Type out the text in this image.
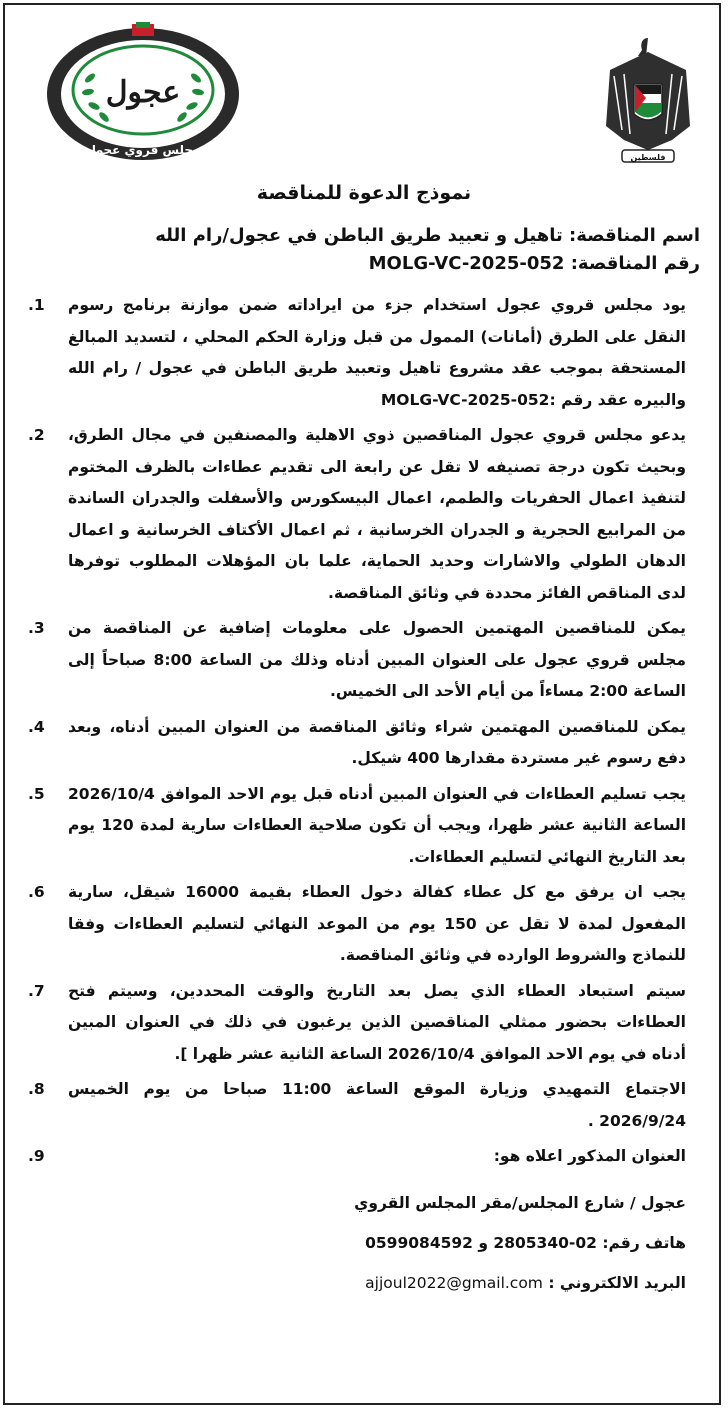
عجول
مجلس قروي عجول
فلسطين
نموذج الدعوة للمناقصة

اسم المناقصة: تاهيل و تعبيد طريق الباطن في عجول/رام الله

رقم المناقصة: MOLG-VC-2025-052

يود مجلس قروي عجول استخدام جزء من ايراداته ضمن موازنة برنامج رسوم النقل على الطرق (أمانات) الممول من قبل وزارة الحكم المحلي ، لتسديد المبالغ المستحقة بموجب عقد مشروع تاهيل وتعبيد طريق الباطن في عجول / رام الله والبيره عقد رقم :MOLG-VC-2025-052
.1
يدعو مجلس قروي عجول المناقصين ذوي الاهلية والمصنفين في مجال الطرق، وبحيث تكون درجة تصنيفه لا تقل عن رابعة الى تقديم عطاءات بالظرف المختوم لتنفيذ اعمال الحفريات والطمم، اعمال البيسكورس والأسفلت والجدران الساندة من المرابيع الحجرية و الجدران الخرسانية ، ثم اعمال الأكتاف الخرسانية و اعمال الدهان الطولي والاشارات وحديد الحماية، علما بان المؤهلات المطلوب توفرها لدى المناقص الفائز محددة في وثائق المناقصة.
.2
يمكن للمناقصين المهتمين الحصول على معلومات إضافية عن المناقصة من مجلس قروي عجول على العنوان المبين أدناه وذلك من الساعة 8:00 صباحاً إلى الساعة 2:00 مساءاً من أيام الأحد الى الخميس.
.3
يمكن للمناقصين المهتمين شراء وثائق المناقصة من العنوان المبين أدناه، وبعد دفع رسوم غير مستردة مقدارها 400 شيكل.
.4
يجب تسليم العطاءات في العنوان المبين أدناه قبل يوم الاحد الموافق 2026/10/4 الساعة الثانية عشر ظهرا، ويجب أن تكون صلاحية العطاءات سارية لمدة 120 يوم بعد التاريخ النهائي لتسليم العطاءات.
.5
يجب ان يرفق مع كل عطاء كفالة دخول العطاء بقيمة 16000 شيقل، سارية المفعول لمدة لا تقل عن 150 يوم من الموعد النهائي لتسليم العطاءات وفقا للنماذج والشروط الوارده في وثائق المناقصة.
.6
سيتم استبعاد العطاء الذي يصل بعد التاريخ والوقت المحددين، وسيتم فتح العطاءات بحضور ممثلي المناقصين الذين يرغبون في ذلك في العنوان المبين أدناه في يوم الاحد الموافق 2026/10/4 الساعة الثانية عشر ظهرا ].
.7
الاجتماع التمهيدي وزيارة الموقع الساعة 11:00 صباحا من يوم الخميس 2026/9/24 .
.8
العنوان المذكور اعلاه هو:
.9
عجول / شارع المجلس/مقر المجلس القروي
هاتف رقم: 02-2805340 و 0599084592
البريد الالكتروني : ajjoul2022@gmail.com
